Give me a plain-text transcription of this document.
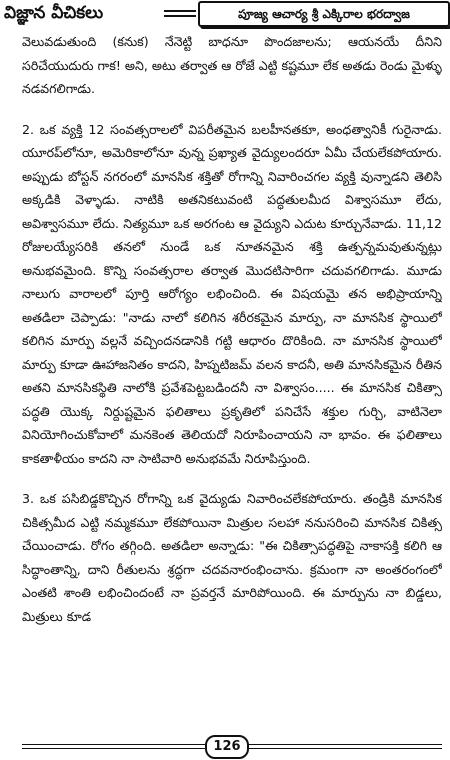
విజ్ఞాన వీచికలు	పూజ్య ఆచార్య శ్రీ ఎక్కిరాల భరద్వాజ

వెలువడుతుంది (కనుక) నేనెట్టి బాధనూ పొందజాలను; ఆయనయే దీనిని సరిచేయుదురు గాక! అని, అటు తర్వాత ఆ రోజే ఎట్టి కష్టమూ లేక అతడు రెండు మైళ్ళు నడవగలిగాడు.

2. ఒక వ్యక్తి 12 సంవత్సరాలలో విపరీతమైన బలహీనతకూ, అంధత్వానికీ గురైనాడు. యూరప్‌లోనూ, అమెరికాలోనూ వున్న ప్రఖ్యాత వైద్యులందరూ ఏమీ చేయలేకపోయారు. అప్పుడు బోస్టన్ నగరంలో మానసిక శక్తితో రోగాన్ని నివారించగల వ్యక్తి వున్నాడని తెలిసి అక్కడికి వెళ్ళాడు. నాటికి అతనికటువంటి పద్ధతులమీద విశ్వాసమూ లేదు, అవిశ్వాసమూ లేదు. నిత్యమూ ఒక అరగంట ఆ వైద్యుని ఎదుట కూర్చునేవాడు. 11,12 రోజులయ్యేసరికి తనలో నుండే ఒక నూతనమైన శక్తి ఉత్పన్నమవుతున్నట్లు అనుభవమైంది. కొన్ని సంవత్సరాల తర్వాత మొదటిసారిగా చదువగలిగాడు. మూడు నాలుగు వారాలలో పూర్తి ఆరోగ్యం లభించింది. ఈ విషయమై తన అభిప్రాయాన్ని అతడిలా చెప్పాడు: "నాడు నాలో కలిగిన శరీరకమైన మార్పు, నా మానసిక స్థాయిలో కలిగిన మార్పు వల్లనే వచ్చిందనడానికి గట్టి ఆధారం దొరికింది. నా మానసిక స్థాయిలో మార్పు కూడా ఊహాజనితం కాదని, హిప్నటిజమ్ వలన కాదనీ, అతి మానసికమైన రీతిన అతని మానసికస్థితి నాలోకి ప్రవేశపెట్టబడిందనీ నా విశ్వాసం..... ఈ మానసిక చికిత్సా పద్ధతి యొక్క నిర్దుష్టమైన ఫలితాలు ప్రకృతిలో పనిచేసే శక్తుల గుర్చి, వాటినెలా వినియోగించుకోవాలో మనకెంత తెలియదో నిరూపించాయని నా భావం. ఈ ఫలితాలు కాకతాళీయం కాదని నా సాటివారి అనుభవమే నిరూపిస్తుంది.

3. ఒక పసిబిడ్డకొచ్చిన రోగాన్ని ఒక వైద్యుడు నివారించలేకపోయారు. తండ్రికి మానసిక చికిత్సమీద ఎట్టి నమ్మకమూ లేకపోయినా మిత్రుల సలహా ననుసరించి మానసిక చికిత్స చేయించాడు. రోగం తగ్గింది. అతడిలా అన్నాడు: "ఈ చికిత్సాపద్ధతిపై నాకాసక్తి కలిగి ఆ సిద్ధాంతాన్ని, దాని రీతులను శ్రద్ధగా చదవనారంభించాను. క్రమంగా నా అంతరంగంలో ఎంతటి శాంతి లభించిందంటే నా ప్రవర్తనే మారిపోయింది. ఈ మార్పును నా బిడ్డలు, మిత్రులు కూడ

126
